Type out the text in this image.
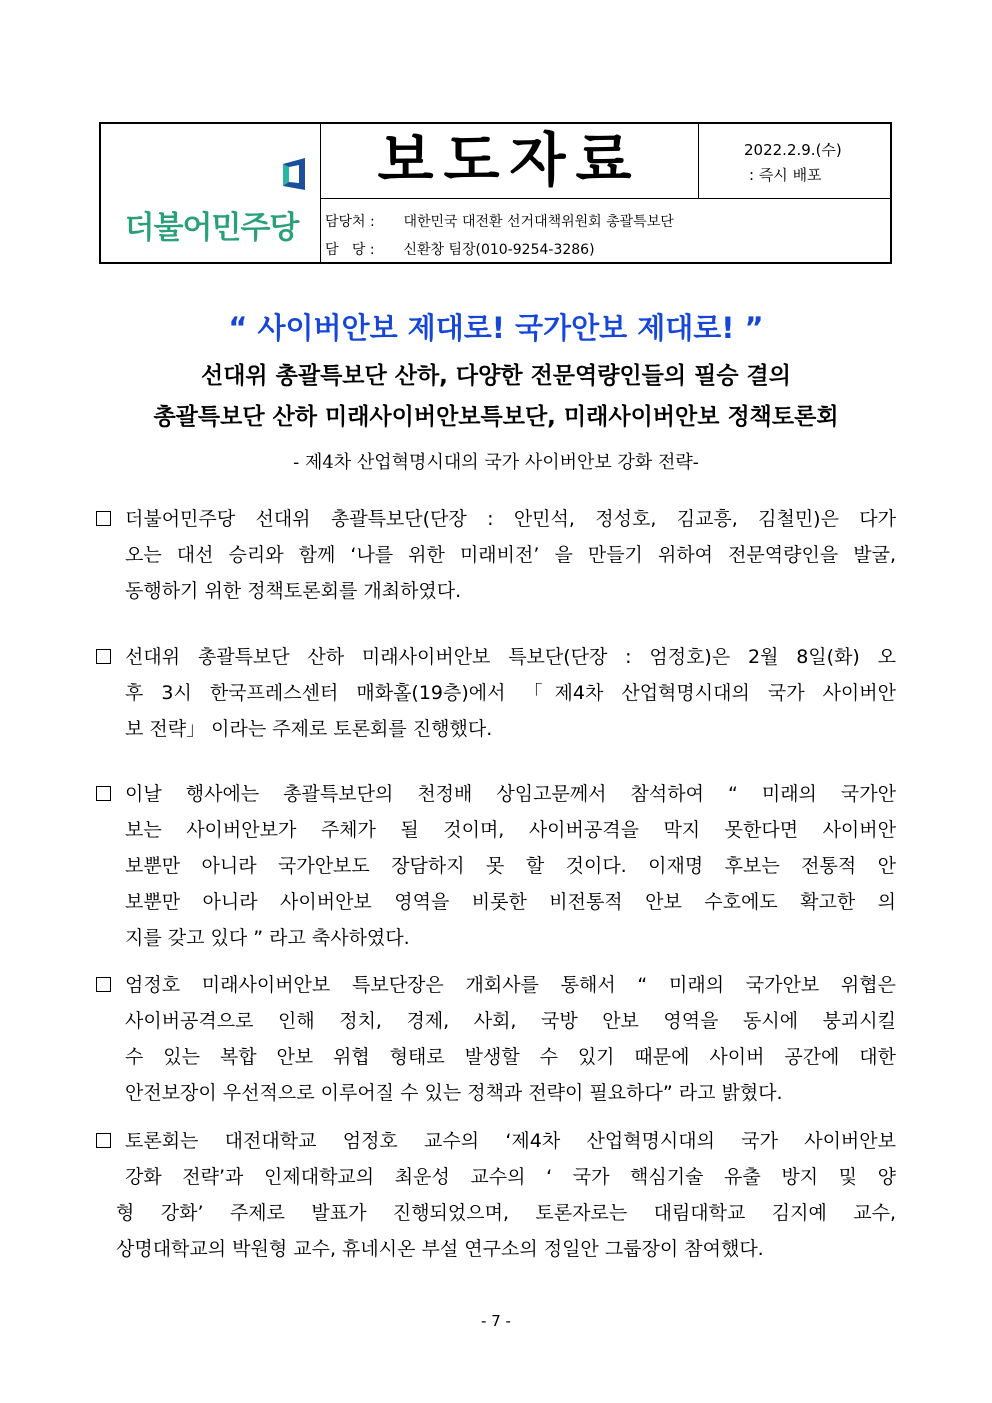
더불어민주당
보도자료	2022.2.9.(수)
: 즉시 배포
담당처 : 대한민국 대전환 선거대책위원회 총괄특보단
담   당 : 신환창 팀장(010-9254-3286)
“ 사이버안보 제대로! 국가안보 제대로! ”
선대위 총괄특보단 산하, 다양한 전문역량인들의 필승 결의
총괄특보단 산하 미래사이버안보특보단, 미래사이버안보 정책토론회
- 제4차 산업혁명시대의 국가 사이버안보 강화 전략-
더불어민주당 선대위 총괄특보단(단장 : 안민석, 정성호, 김교흥, 김철민)은 다가
오는 대선 승리와 함께 ‘나를 위한 미래비전’ 을 만들기 위하여 전문역량인을 발굴,
동행하기 위한 정책토론회를 개최하였다.
선대위 총괄특보단 산하 미래사이버안보 특보단(단장 : 엄정호)은 2월 8일(화) 오
후 3시 한국프레스센터 매화홀(19층)에서 「제4차 산업혁명시대의 국가 사이버안
보 전략」 이라는 주제로 토론회를 진행했다.
이날 행사에는 총괄특보단의 천정배 상임고문께서 참석하여 “ 미래의 국가안
보는 사이버안보가 주체가 될 것이며, 사이버공격을 막지 못한다면 사이버안
보뿐만 아니라 국가안보도 장담하지 못 할 것이다. 이재명 후보는 전통적 안
보뿐만 아니라 사이버안보 영역을 비롯한 비전통적 안보 수호에도 확고한 의
지를 갖고 있다 ” 라고 축사하였다.
엄정호 미래사이버안보 특보단장은 개회사를 통해서 “ 미래의 국가안보 위협은
사이버공격으로 인해 정치, 경제, 사회, 국방 안보 영역을 동시에 붕괴시킬
수 있는 복합 안보 위협 형태로 발생할 수 있기 때문에 사이버 공간에 대한
안전보장이 우선적으로 이루어질 수 있는 정책과 전략이 필요하다” 라고 밝혔다.
토론회는 대전대학교 엄정호 교수의 ‘제4차 산업혁명시대의 국가 사이버안보
강화 전략’과 인제대학교의 최운성 교수의 ‘ 국가 핵심기술 유출 방지 및 양
형 강화’ 주제로 발표가 진행되었으며, 토론자로는 대림대학교 김지예 교수,
상명대학교의 박원형 교수, 휴네시온 부설 연구소의 정일안 그룹장이 참여했다.
- 7 -
